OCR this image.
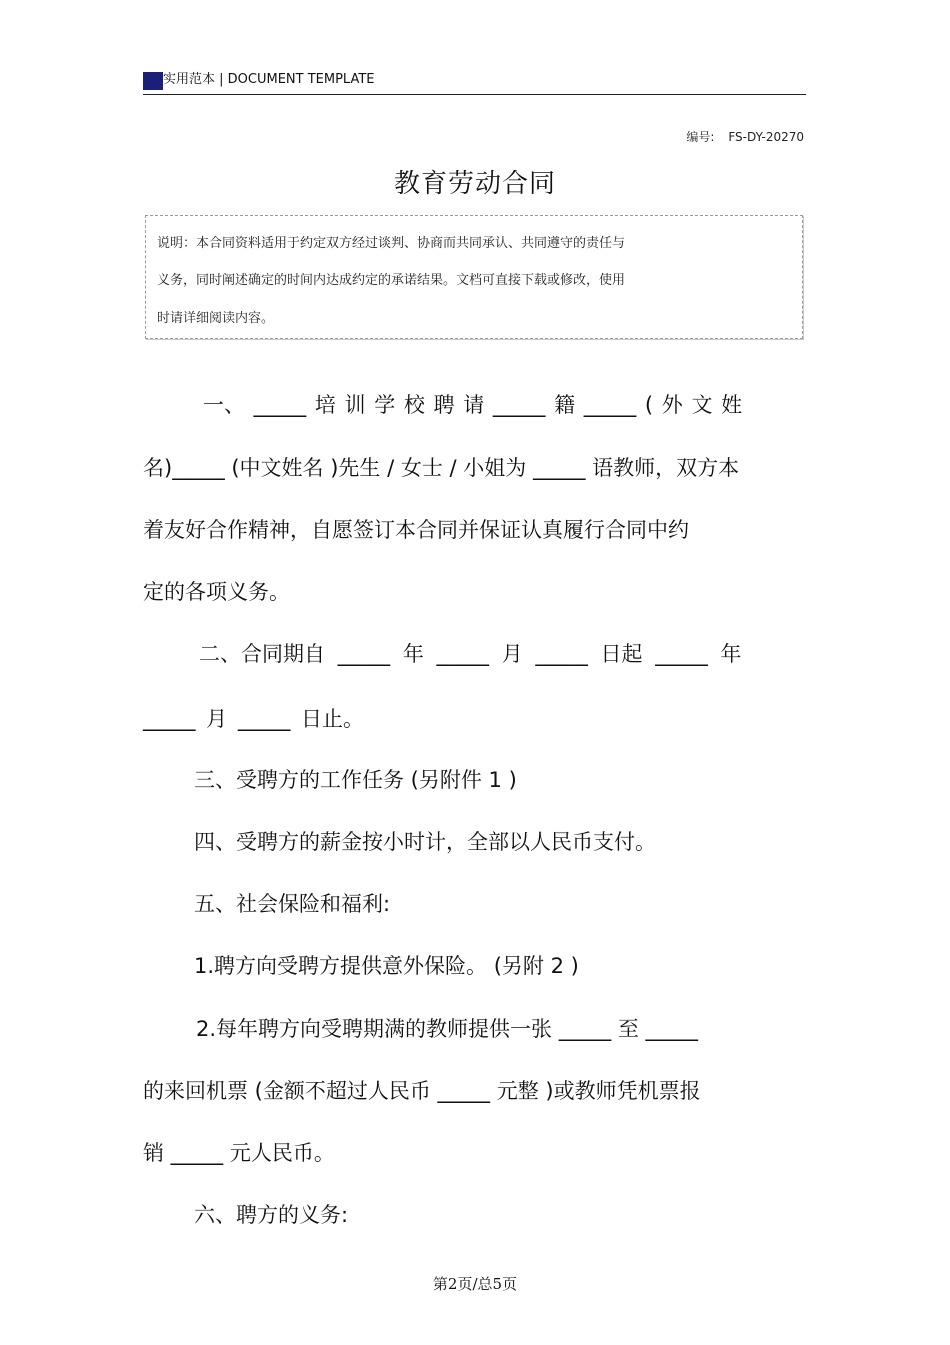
实用范本 | DOCUMENT TEMPLATE
编号: FS-DY-20270
教育劳动合同
说明：本合同资料适用于约定双方经过谈判、协商而共同承认、共同遵守的责任与
义务，同时阐述确定的时间内达成约定的承诺结果。文档可直接下载或修改，使用
时请详细阅读内容。
一、 _____ 培 训 学 校 聘 请 _____ 籍 _____ ( 外 文 姓
名)_____ (中文姓名 )先生 / 女士 / 小姐为 _____ 语教师，双方本
着友好合作精神，自愿签订本合同并保证认真履行合同中约
定的各项义务。
二、合同期自 _____ 年 _____ 月 _____ 日起 _____ 年
_____ 月 _____ 日止。
三、受聘方的工作任务 (另附件 1 )
四、受聘方的薪金按小时计，全部以人民币支付。
五、社会保险和福利:
1.聘方向受聘方提供意外保险。 (另附 2 )
2.每年聘方向受聘期满的教师提供一张 _____ 至 _____
的来回机票 (金额不超过人民币 _____ 元整 )或教师凭机票报
销 _____ 元人民币。
六、聘方的义务:
第2页/总5页
